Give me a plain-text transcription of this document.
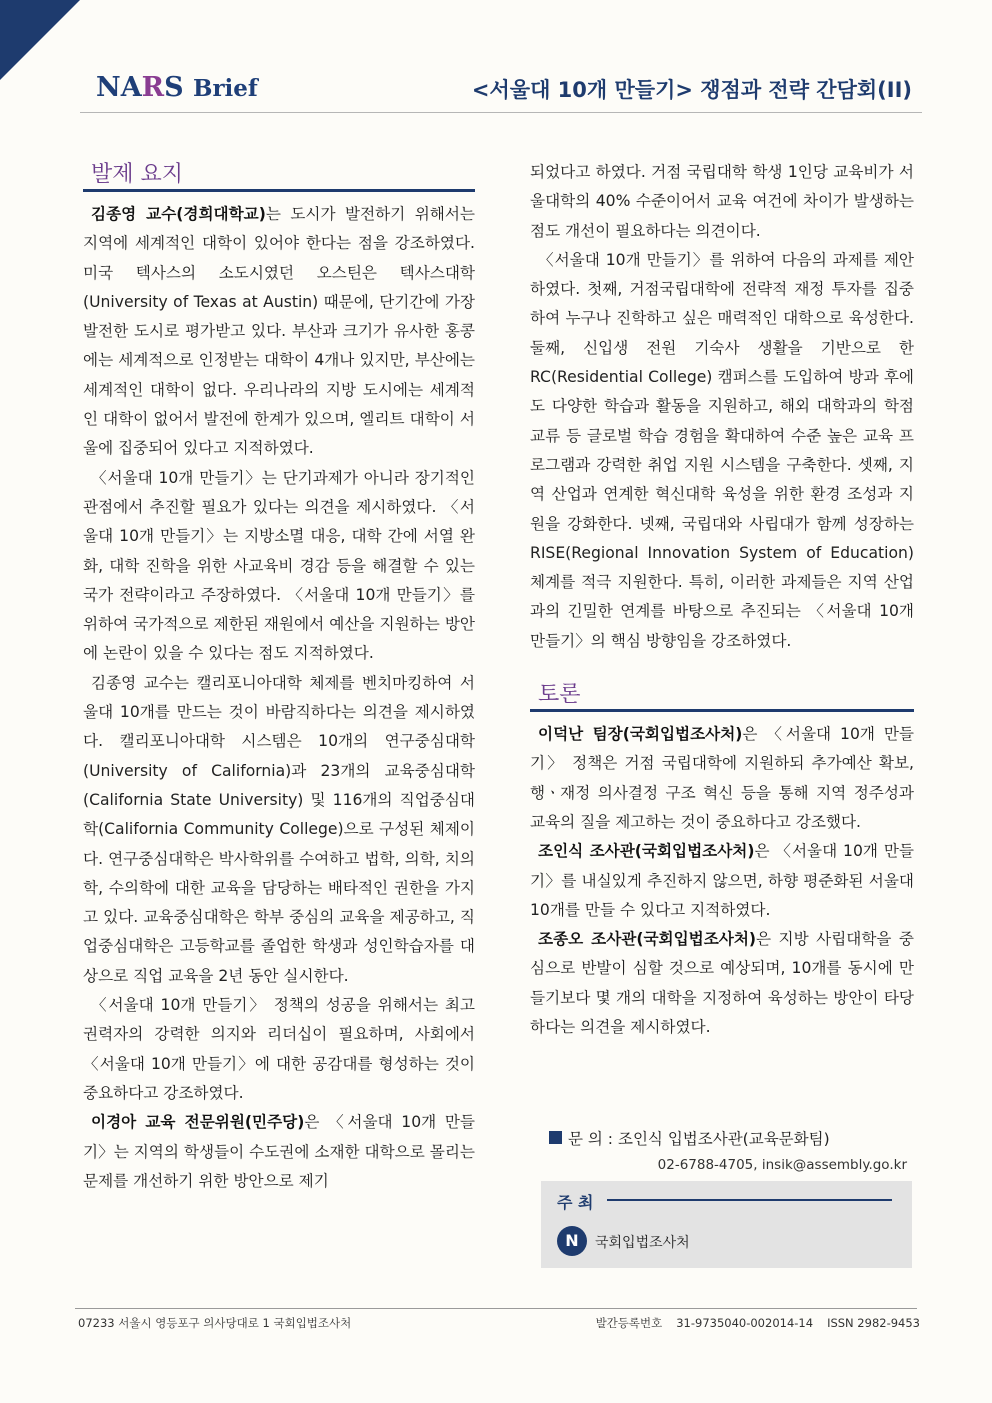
NARS Brief	<서울대 10개 만들기> 쟁점과 전략 간담회(II)
발제 요지

김종영 교수(경희대학교)는 도시가 발전하기 위해서는 지역에 세계적인 대학이 있어야 한다는 점을 강조하였다. 미국 텍사스의 소도시였던 오스틴은 텍사스대학(University of Texas at Austin) 때문에, 단기간에 가장 발전한 도시로 평가받고 있다. 부산과 크기가 유사한 홍콩에는 세계적으로 인정받는 대학이 4개나 있지만, 부산에는 세계적인 대학이 없다. 우리나라의 지방 도시에는 세계적인 대학이 없어서 발전에 한계가 있으며, 엘리트 대학이 서울에 집중되어 있다고 지적하였다.

〈서울대 10개 만들기〉는 단기과제가 아니라 장기적인 관점에서 추진할 필요가 있다는 의견을 제시하였다. 〈서울대 10개 만들기〉는 지방소멸 대응, 대학 간에 서열 완화, 대학 진학을 위한 사교육비 경감 등을 해결할 수 있는 국가 전략이라고 주장하였다. 〈서울대 10개 만들기〉를 위하여 국가적으로 제한된 재원에서 예산을 지원하는 방안에 논란이 있을 수 있다는 점도 지적하였다.

김종영 교수는 캘리포니아대학 체제를 벤치마킹하여 서울대 10개를 만드는 것이 바람직하다는 의견을 제시하였다. 캘리포니아대학 시스템은 10개의 연구중심대학(University of California)과 23개의 교육중심대학(California State University) 및 116개의 직업중심대학(California Community College)으로 구성된 체제이다. 연구중심대학은 박사학위를 수여하고 법학, 의학, 치의학, 수의학에 대한 교육을 담당하는 배타적인 권한을 가지고 있다. 교육중심대학은 학부 중심의 교육을 제공하고, 직업중심대학은 고등학교를 졸업한 학생과 성인학습자를 대상으로 직업 교육을 2년 동안 실시한다.

〈서울대 10개 만들기〉 정책의 성공을 위해서는 최고 권력자의 강력한 의지와 리더십이 필요하며, 사회에서 〈서울대 10개 만들기〉에 대한 공감대를 형성하는 것이 중요하다고 강조하였다.

이경아 교육 전문위원(민주당)은 〈서울대 10개 만들기〉는 지역의 학생들이 수도권에 소재한 대학으로 몰리는 문제를 개선하기 위한 방안으로 제기

되었다고 하였다. 거점 국립대학 학생 1인당 교육비가 서울대학의 40% 수준이어서 교육 여건에 차이가 발생하는 점도 개선이 필요하다는 의견이다.

〈서울대 10개 만들기〉를 위하여 다음의 과제를 제안하였다. 첫째, 거점국립대학에 전략적 재정 투자를 집중하여 누구나 진학하고 싶은 매력적인 대학으로 육성한다. 둘째, 신입생 전원 기숙사 생활을 기반으로 한 RC(Residential College) 캠퍼스를 도입하여 방과 후에도 다양한 학습과 활동을 지원하고, 해외 대학과의 학점 교류 등 글로벌 학습 경험을 확대하여 수준 높은 교육 프로그램과 강력한 취업 지원 시스템을 구축한다. 셋째, 지역 산업과 연계한 혁신대학 육성을 위한 환경 조성과 지원을 강화한다. 넷째, 국립대와 사립대가 함께 성장하는 RISE(Regional Innovation System of Education) 체계를 적극 지원한다. 특히, 이러한 과제들은 지역 산업과의 긴밀한 연계를 바탕으로 추진되는 〈서울대 10개 만들기〉의 핵심 방향임을 강조하였다.

토론

이덕난 팀장(국회입법조사처)은 〈서울대 10개 만들기〉 정책은 거점 국립대학에 지원하되 추가예산 확보, 행ㆍ재정 의사결정 구조 혁신 등을 통해 지역 정주성과 교육의 질을 제고하는 것이 중요하다고 강조했다.

조인식 조사관(국회입법조사처)은 〈서울대 10개 만들기〉를 내실있게 추진하지 않으면, 하향 평준화된 서울대 10개를 만들 수 있다고 지적하였다.

조종오 조사관(국회입법조사처)은 지방 사립대학을 중심으로 반발이 심할 것으로 예상되며, 10개를 동시에 만들기보다 몇 개의 대학을 지정하여 육성하는 방안이 타당하다는 의견을 제시하였다.

문 의 : 조인식 입법조사관(교육문화팀)
02-6788-4705, insik@assembly.go.kr
주 최
N	국회입법조사처
07233 서울시 영등포구 의사당대로 1 국회입법조사처	발간등록번호 31-9735040-002014-14 ISSN 2982-9453
